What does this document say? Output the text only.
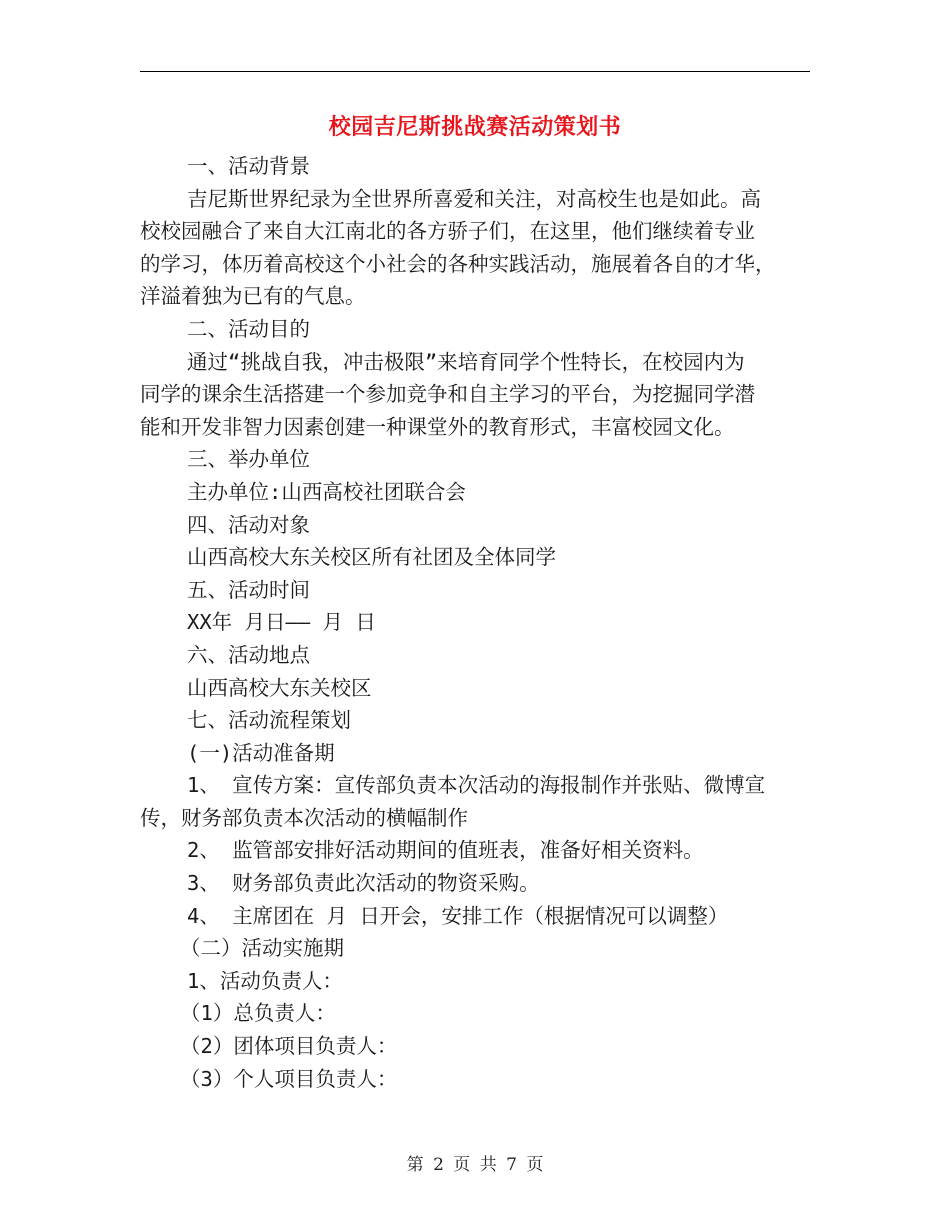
校园吉尼斯挑战赛活动策划书
一、活动背景
吉尼斯世界纪录为全世界所喜爱和关注，对高校生也是如此。高
校校园融合了来自大江南北的各方骄子们，在这里，他们继续着专业
的学习，体历着高校这个小社会的各种实践活动，施展着各自的才华，
洋溢着独为已有的气息。
二、活动目的
通过“挑战自我，冲击极限”来培育同学个性特长，在校园内为
同学的课余生活搭建一个参加竞争和自主学习的平台，为挖掘同学潜
能和开发非智力因素创建一种课堂外的教育形式，丰富校园文化。
三、举办单位
主办单位:山西高校社团联合会
四、活动对象
山西高校大东关校区所有社团及全体同学
五、活动时间
XX年 月日—— 月 日
六、活动地点
山西高校大东关校区
七、活动流程策划
(一)活动准备期
1、 宣传方案：宣传部负责本次活动的海报制作并张贴、微博宣
传，财务部负责本次活动的横幅制作
2、 监管部安排好活动期间的值班表，准备好相关资料。
3、 财务部负责此次活动的物资采购。
4、 主席团在 月 日开会，安排工作（根据情况可以调整）
（二）活动实施期
1、活动负责人：
（1）总负责人：
（2）团体项目负责人：
（3）个人项目负责人：
第 2 页 共 7 页
